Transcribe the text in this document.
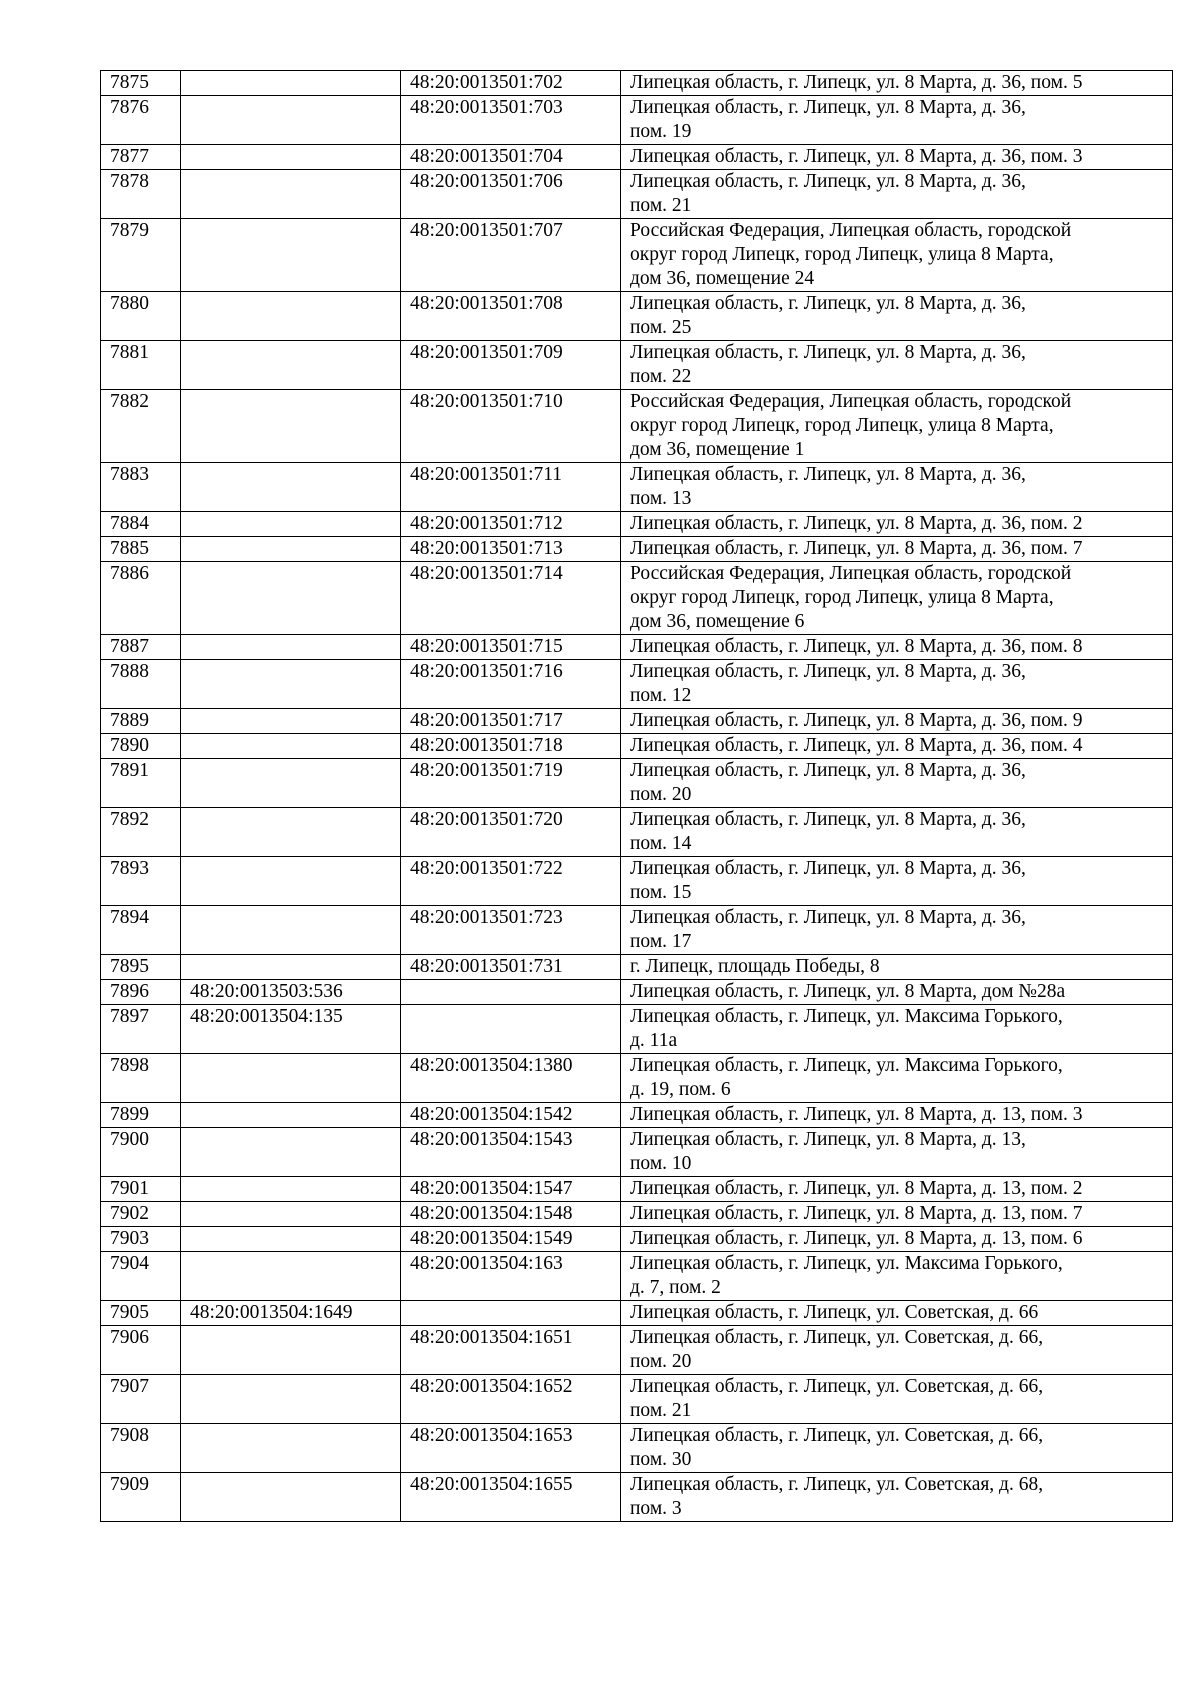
7875		48:20:0013501:702	Липецкая область, г. Липецк, ул. 8 Марта, д. 36, пом. 5
7876		48:20:0013501:703	Липецкая область, г. Липецк, ул. 8 Марта, д. 36,
пом. 19
7877		48:20:0013501:704	Липецкая область, г. Липецк, ул. 8 Марта, д. 36, пом. 3
7878		48:20:0013501:706	Липецкая область, г. Липецк, ул. 8 Марта, д. 36,
пом. 21
7879		48:20:0013501:707	Российская Федерация, Липецкая область, городской
округ город Липецк, город Липецк, улица 8 Марта,
дом 36, помещение 24
7880		48:20:0013501:708	Липецкая область, г. Липецк, ул. 8 Марта, д. 36,
пом. 25
7881		48:20:0013501:709	Липецкая область, г. Липецк, ул. 8 Марта, д. 36,
пом. 22
7882		48:20:0013501:710	Российская Федерация, Липецкая область, городской
округ город Липецк, город Липецк, улица 8 Марта,
дом 36, помещение 1
7883		48:20:0013501:711	Липецкая область, г. Липецк, ул. 8 Марта, д. 36,
пом. 13
7884		48:20:0013501:712	Липецкая область, г. Липецк, ул. 8 Марта, д. 36, пом. 2
7885		48:20:0013501:713	Липецкая область, г. Липецк, ул. 8 Марта, д. 36, пом. 7
7886		48:20:0013501:714	Российская Федерация, Липецкая область, городской
округ город Липецк, город Липецк, улица 8 Марта,
дом 36, помещение 6
7887		48:20:0013501:715	Липецкая область, г. Липецк, ул. 8 Марта, д. 36, пом. 8
7888		48:20:0013501:716	Липецкая область, г. Липецк, ул. 8 Марта, д. 36,
пом. 12
7889		48:20:0013501:717	Липецкая область, г. Липецк, ул. 8 Марта, д. 36, пом. 9
7890		48:20:0013501:718	Липецкая область, г. Липецк, ул. 8 Марта, д. 36, пом. 4
7891		48:20:0013501:719	Липецкая область, г. Липецк, ул. 8 Марта, д. 36,
пом. 20
7892		48:20:0013501:720	Липецкая область, г. Липецк, ул. 8 Марта, д. 36,
пом. 14
7893		48:20:0013501:722	Липецкая область, г. Липецк, ул. 8 Марта, д. 36,
пом. 15
7894		48:20:0013501:723	Липецкая область, г. Липецк, ул. 8 Марта, д. 36,
пом. 17
7895		48:20:0013501:731	г. Липецк, площадь Победы, 8
7896	48:20:0013503:536		Липецкая область, г. Липецк, ул. 8 Марта, дом №28а
7897	48:20:0013504:135		Липецкая область, г. Липецк, ул. Максима Горького,
д. 11а
7898		48:20:0013504:1380	Липецкая область, г. Липецк, ул. Максима Горького,
д. 19, пом. 6
7899		48:20:0013504:1542	Липецкая область, г. Липецк, ул. 8 Марта, д. 13, пом. 3
7900		48:20:0013504:1543	Липецкая область, г. Липецк, ул. 8 Марта, д. 13,
пом. 10
7901		48:20:0013504:1547	Липецкая область, г. Липецк, ул. 8 Марта, д. 13, пом. 2
7902		48:20:0013504:1548	Липецкая область, г. Липецк, ул. 8 Марта, д. 13, пом. 7
7903		48:20:0013504:1549	Липецкая область, г. Липецк, ул. 8 Марта, д. 13, пом. 6
7904		48:20:0013504:163	Липецкая область, г. Липецк, ул. Максима Горького,
д. 7, пом. 2
7905	48:20:0013504:1649		Липецкая область, г. Липецк, ул. Советская, д. 66
7906		48:20:0013504:1651	Липецкая область, г. Липецк, ул. Советская, д. 66,
пом. 20
7907		48:20:0013504:1652	Липецкая область, г. Липецк, ул. Советская, д. 66,
пом. 21
7908		48:20:0013504:1653	Липецкая область, г. Липецк, ул. Советская, д. 66,
пом. 30
7909		48:20:0013504:1655	Липецкая область, г. Липецк, ул. Советская, д. 68,
пом. 3
